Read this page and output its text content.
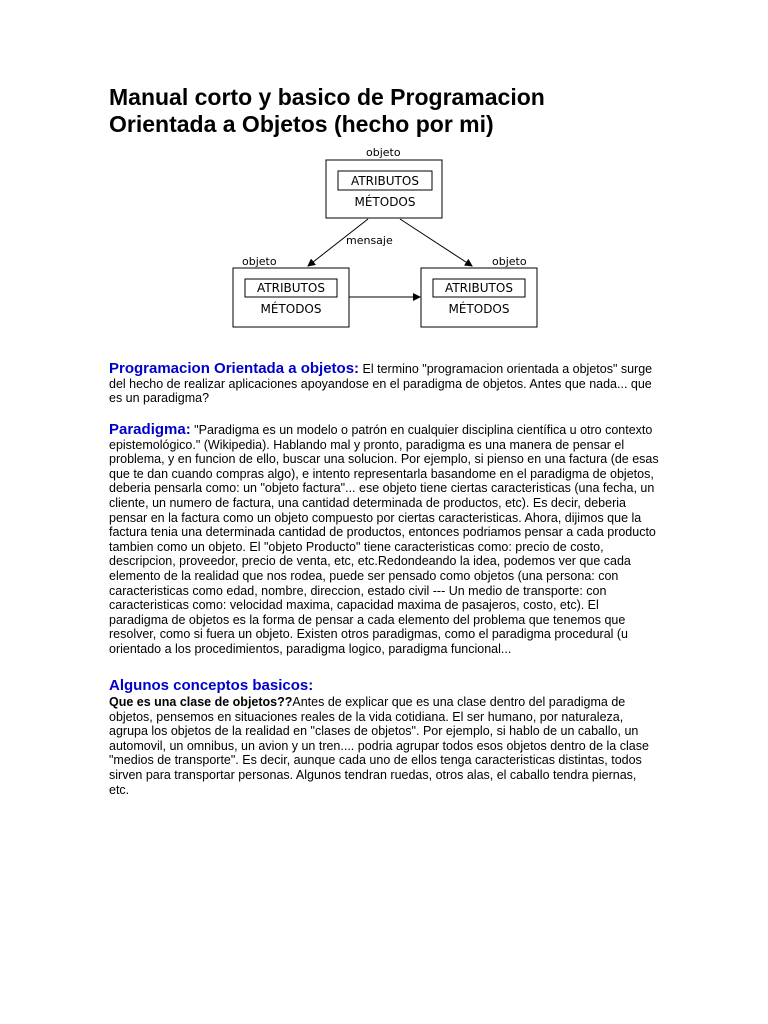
Manual corto y basico de Programacion
Orientada a Objetos (hecho por mi)
objeto
ATRIBUTOS
MÉTODOS
objeto
ATRIBUTOS
MÉTODOS
objeto
ATRIBUTOS
MÉTODOS
mensaje

Programacion Orientada a objetos: El termino "programacion orientada a objetos" surge del hecho de realizar aplicaciones apoyandose en el paradigma de objetos. Antes que nada... que es un paradigma?

Paradigma: "Paradigma es un modelo o patrón en cualquier disciplina científica u otro contexto epistemológico." (Wikipedia). Hablando mal y pronto, paradigma es una manera de pensar el problema, y en funcion de ello, buscar una solucion. Por ejemplo, si pienso en una factura (de esas que te dan cuando compras algo), e intento representarla basandome en el paradigma de objetos, deberia pensarla como: un "objeto factura"... ese objeto tiene ciertas caracteristicas (una fecha, un cliente, un numero de factura, una cantidad determinada de productos, etc). Es decir, deberia pensar en la factura como un objeto compuesto por ciertas caracteristicas. Ahora, dijimos que la factura tenia una determinada cantidad de productos, entonces podriamos pensar a cada producto tambien como un objeto. El "objeto Producto" tiene caracteristicas como: precio de costo, descripcion, proveedor, precio de venta, etc, etc.Redondeando la idea, podemos ver que cada elemento de la realidad que nos rodea, puede ser pensado como objetos (una persona: con caracteristicas como edad, nombre, direccion, estado civil --- Un medio de transporte: con caracteristicas como: velocidad maxima, capacidad maxima de pasajeros, costo, etc). El paradigma de objetos es la forma de pensar a cada elemento del problema que tenemos que resolver, como si fuera un objeto. Existen otros paradigmas, como el paradigma procedural (u orientado a los procedimientos, paradigma logico, paradigma funcional...

Algunos conceptos basicos:
Que es una clase de objetos??Antes de explicar que es una clase dentro del paradigma de objetos, pensemos en situaciones reales de la vida cotidiana. El ser humano, por naturaleza, agrupa los objetos de la realidad en "clases de objetos". Por ejemplo, si hablo de un caballo, un automovil, un omnibus, un avion y un tren.... podria agrupar todos esos objetos dentro de la clase "medios de transporte". Es decir, aunque cada uno de ellos tenga caracteristicas distintas, todos sirven para transportar personas. Algunos tendran ruedas, otros alas, el caballo tendra piernas, etc.
